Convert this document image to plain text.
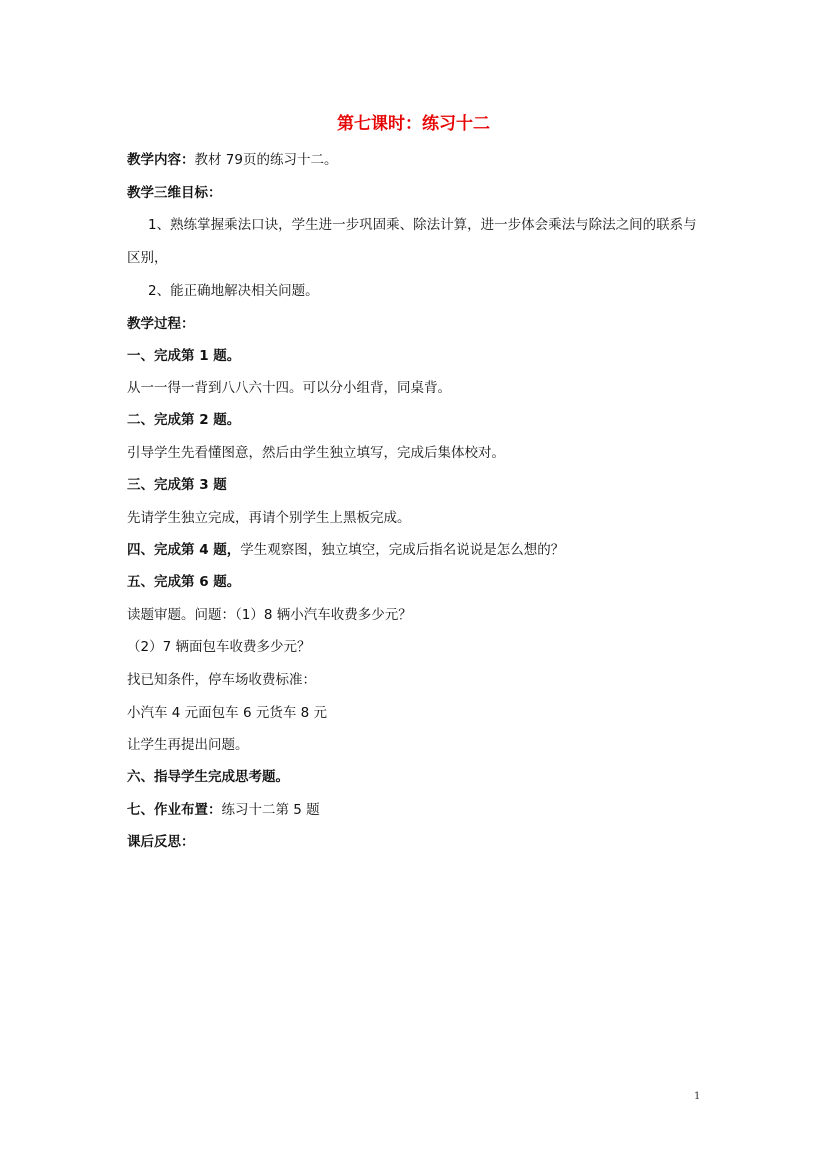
第七课时：练习十二
教学内容：教材 79页的练习十二。
教学三维目标：
1、熟练掌握乘法口诀，学生进一步巩固乘、除法计算，进一步体会乘法与除法之间的联系与区别，
2、能正确地解决相关问题。
教学过程：
一、完成第 1 题。
从一一得一背到八八六十四。可以分小组背，同桌背。
二、完成第 2 题。
引导学生先看懂图意，然后由学生独立填写，完成后集体校对。
三、完成第 3 题
先请学生独立完成，再请个别学生上黑板完成。
四、完成第 4 题，学生观察图，独立填空，完成后指名说说是怎么想的？
五、完成第 6 题。
读题审题。问题：（1）8 辆小汽车收费多少元？
（2）7 辆面包车收费多少元？
找已知条件，停车场收费标准：
小汽车 4 元面包车 6 元货车 8 元
让学生再提出问题。
六、指导学生完成思考题。
七、作业布置：练习十二第 5 题
课后反思：
1
